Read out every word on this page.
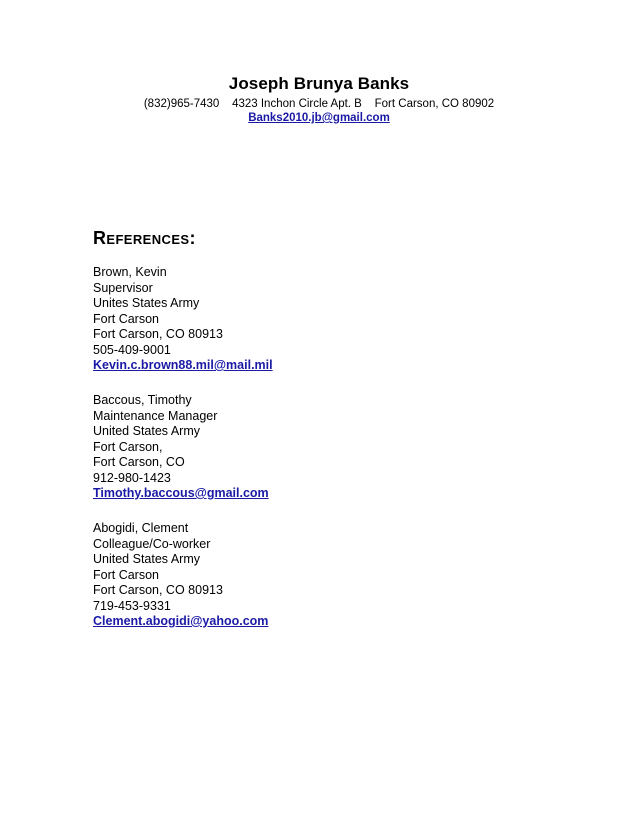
Joseph Brunya Banks
(832)965-7430    4323 Inchon Circle Apt. B    Fort Carson, CO 80902
Banks2010.jb@gmail.com
References:
Brown, Kevin
Supervisor
Unites States Army
Fort Carson
Fort Carson, CO 80913
505-409-9001
Kevin.c.brown88.mil@mail.mil
Baccous, Timothy
Maintenance Manager
United States Army
Fort Carson,
Fort Carson, CO
912-980-1423
Timothy.baccous@gmail.com
Abogidi, Clement
Colleague/Co-worker
United States Army
Fort Carson
Fort Carson, CO 80913
719-453-9331
Clement.abogidi@yahoo.com
